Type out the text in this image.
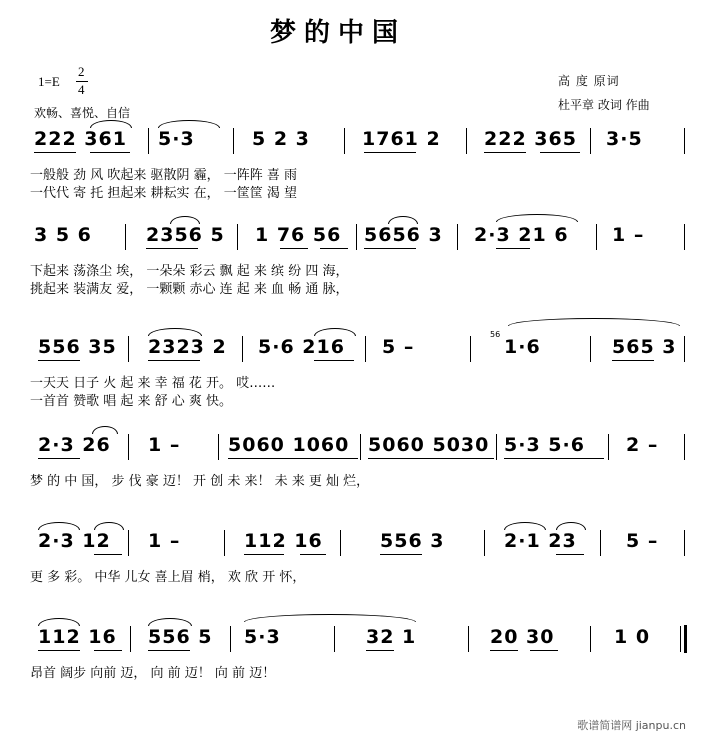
梦的中国
1=E
2
4
欢畅、喜悦、自信
高 度 原词
杜平章 改词 作曲
222 361 5·3	5 2 3	1761 2 222 365 3·5
一般般 劲 风 吹起来 驱散阴 霾， 一阵阵 喜 雨
一代代 寄 托 担起来 耕耘实 在， 一筐筐 渴 望
3 5 6	2356 5 1 76 56 5656 3 2·3 21 6 1 –
下起来 荡涤尘 埃， 一朵朵 彩云 飘 起 来 缤 纷 四 海，
挑起来 装满友 爱， 一颗颗 赤心 连 起 来 血 畅 通 脉，
556 35 2323 2 5·6 216 5 –
56
1·6	565 3
一天天 日子 火 起 来 幸 福 花 开。 哎……
一首首 赞歌 唱 起 来 舒 心 爽 快。
2·3 26 1 –	5060 1060 5060 5030 5·3 5·6 2 –
梦 的 中 国， 步 伐 豪 迈！ 开 创 未 来！ 未 来 更 灿 烂，
2·3 12 1 –	112 16	556 3	2·1 23	5 –
更 多 彩。 中华 儿女 喜上眉 梢， 欢 欣 开 怀，
112 16 556 5 5·3	32 1	20 30	1 0
昂首 阔步 向前 迈， 向 前 迈！ 向 前 迈！
歌谱简谱网 jianpu.cn
